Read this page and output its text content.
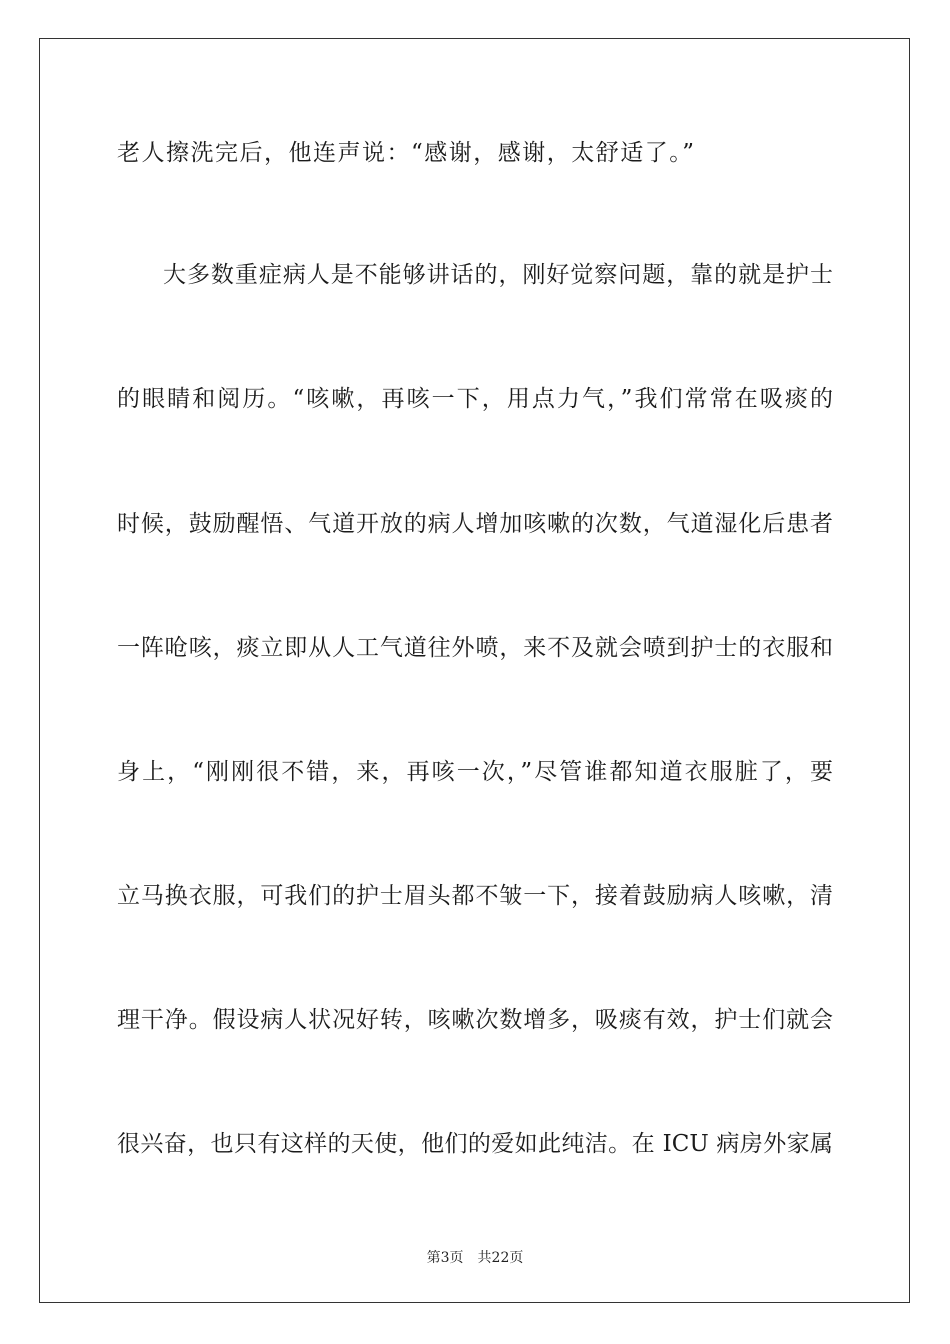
老人擦洗完后，他连声说：“感谢，感谢，太舒适了。”
大多数重症病人是不能够讲话的，刚好觉察问题，靠的就是护士
的眼睛和阅历。“咳嗽，再咳一下，用点力气，”我们常常在吸痰的
时候，鼓励醒悟、气道开放的病人增加咳嗽的次数，气道湿化后患者
一阵呛咳，痰立即从人工气道往外喷，来不及就会喷到护士的衣服和
身上，“刚刚很不错，来，再咳一次，”尽管谁都知道衣服脏了，要
立马换衣服，可我们的护士眉头都不皱一下，接着鼓励病人咳嗽，清
理干净。假设病人状况好转，咳嗽次数增多，吸痰有效，护士们就会
很兴奋，也只有这样的天使，他们的爱如此纯洁。在 ICU 病房外家属
第3页 共22页
